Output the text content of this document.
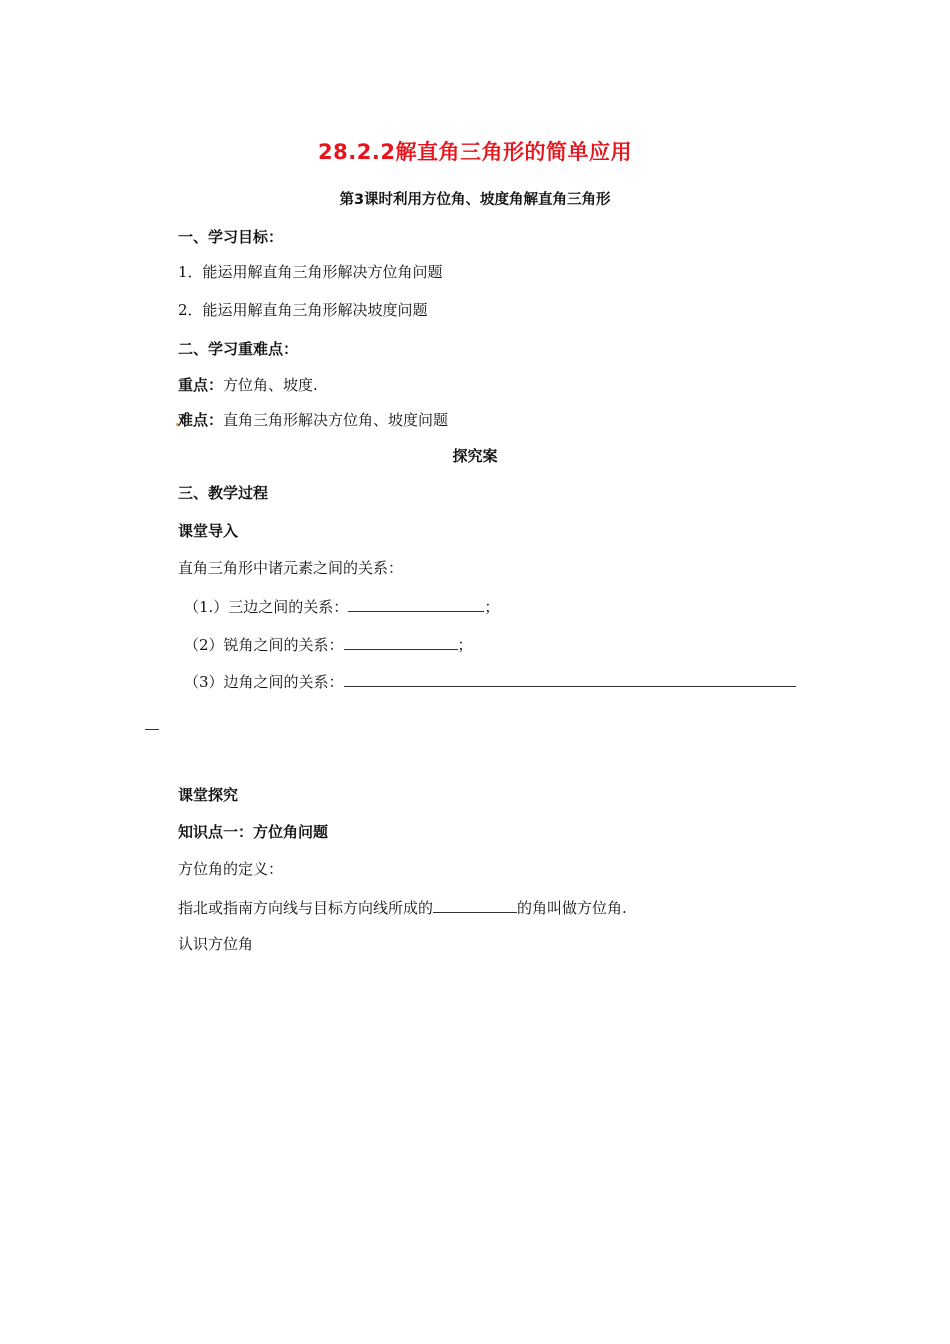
28.2.2解直角三角形的简单应用
第3课时利用方位角、坡度角解直角三角形
一、学习目标：
1．能运用解直角三角形解决方位角问题
2．能运用解直角三角形解决坡度问题
二、学习重难点：
重点：方位角、坡度.
难点：直角三角形解决方位角、坡度问题
探究案
三、教学过程
课堂导入
直角三角形中诸元素之间的关系：
（1.）三边之间的关系：	；
（2）锐角之间的关系：	；
（3）边角之间的关系：
课堂探究
知识点一：方位角问题
方位角的定义：
指北或指南方向线与目标方向线所成的	的角叫做方位角.
认识方位角
